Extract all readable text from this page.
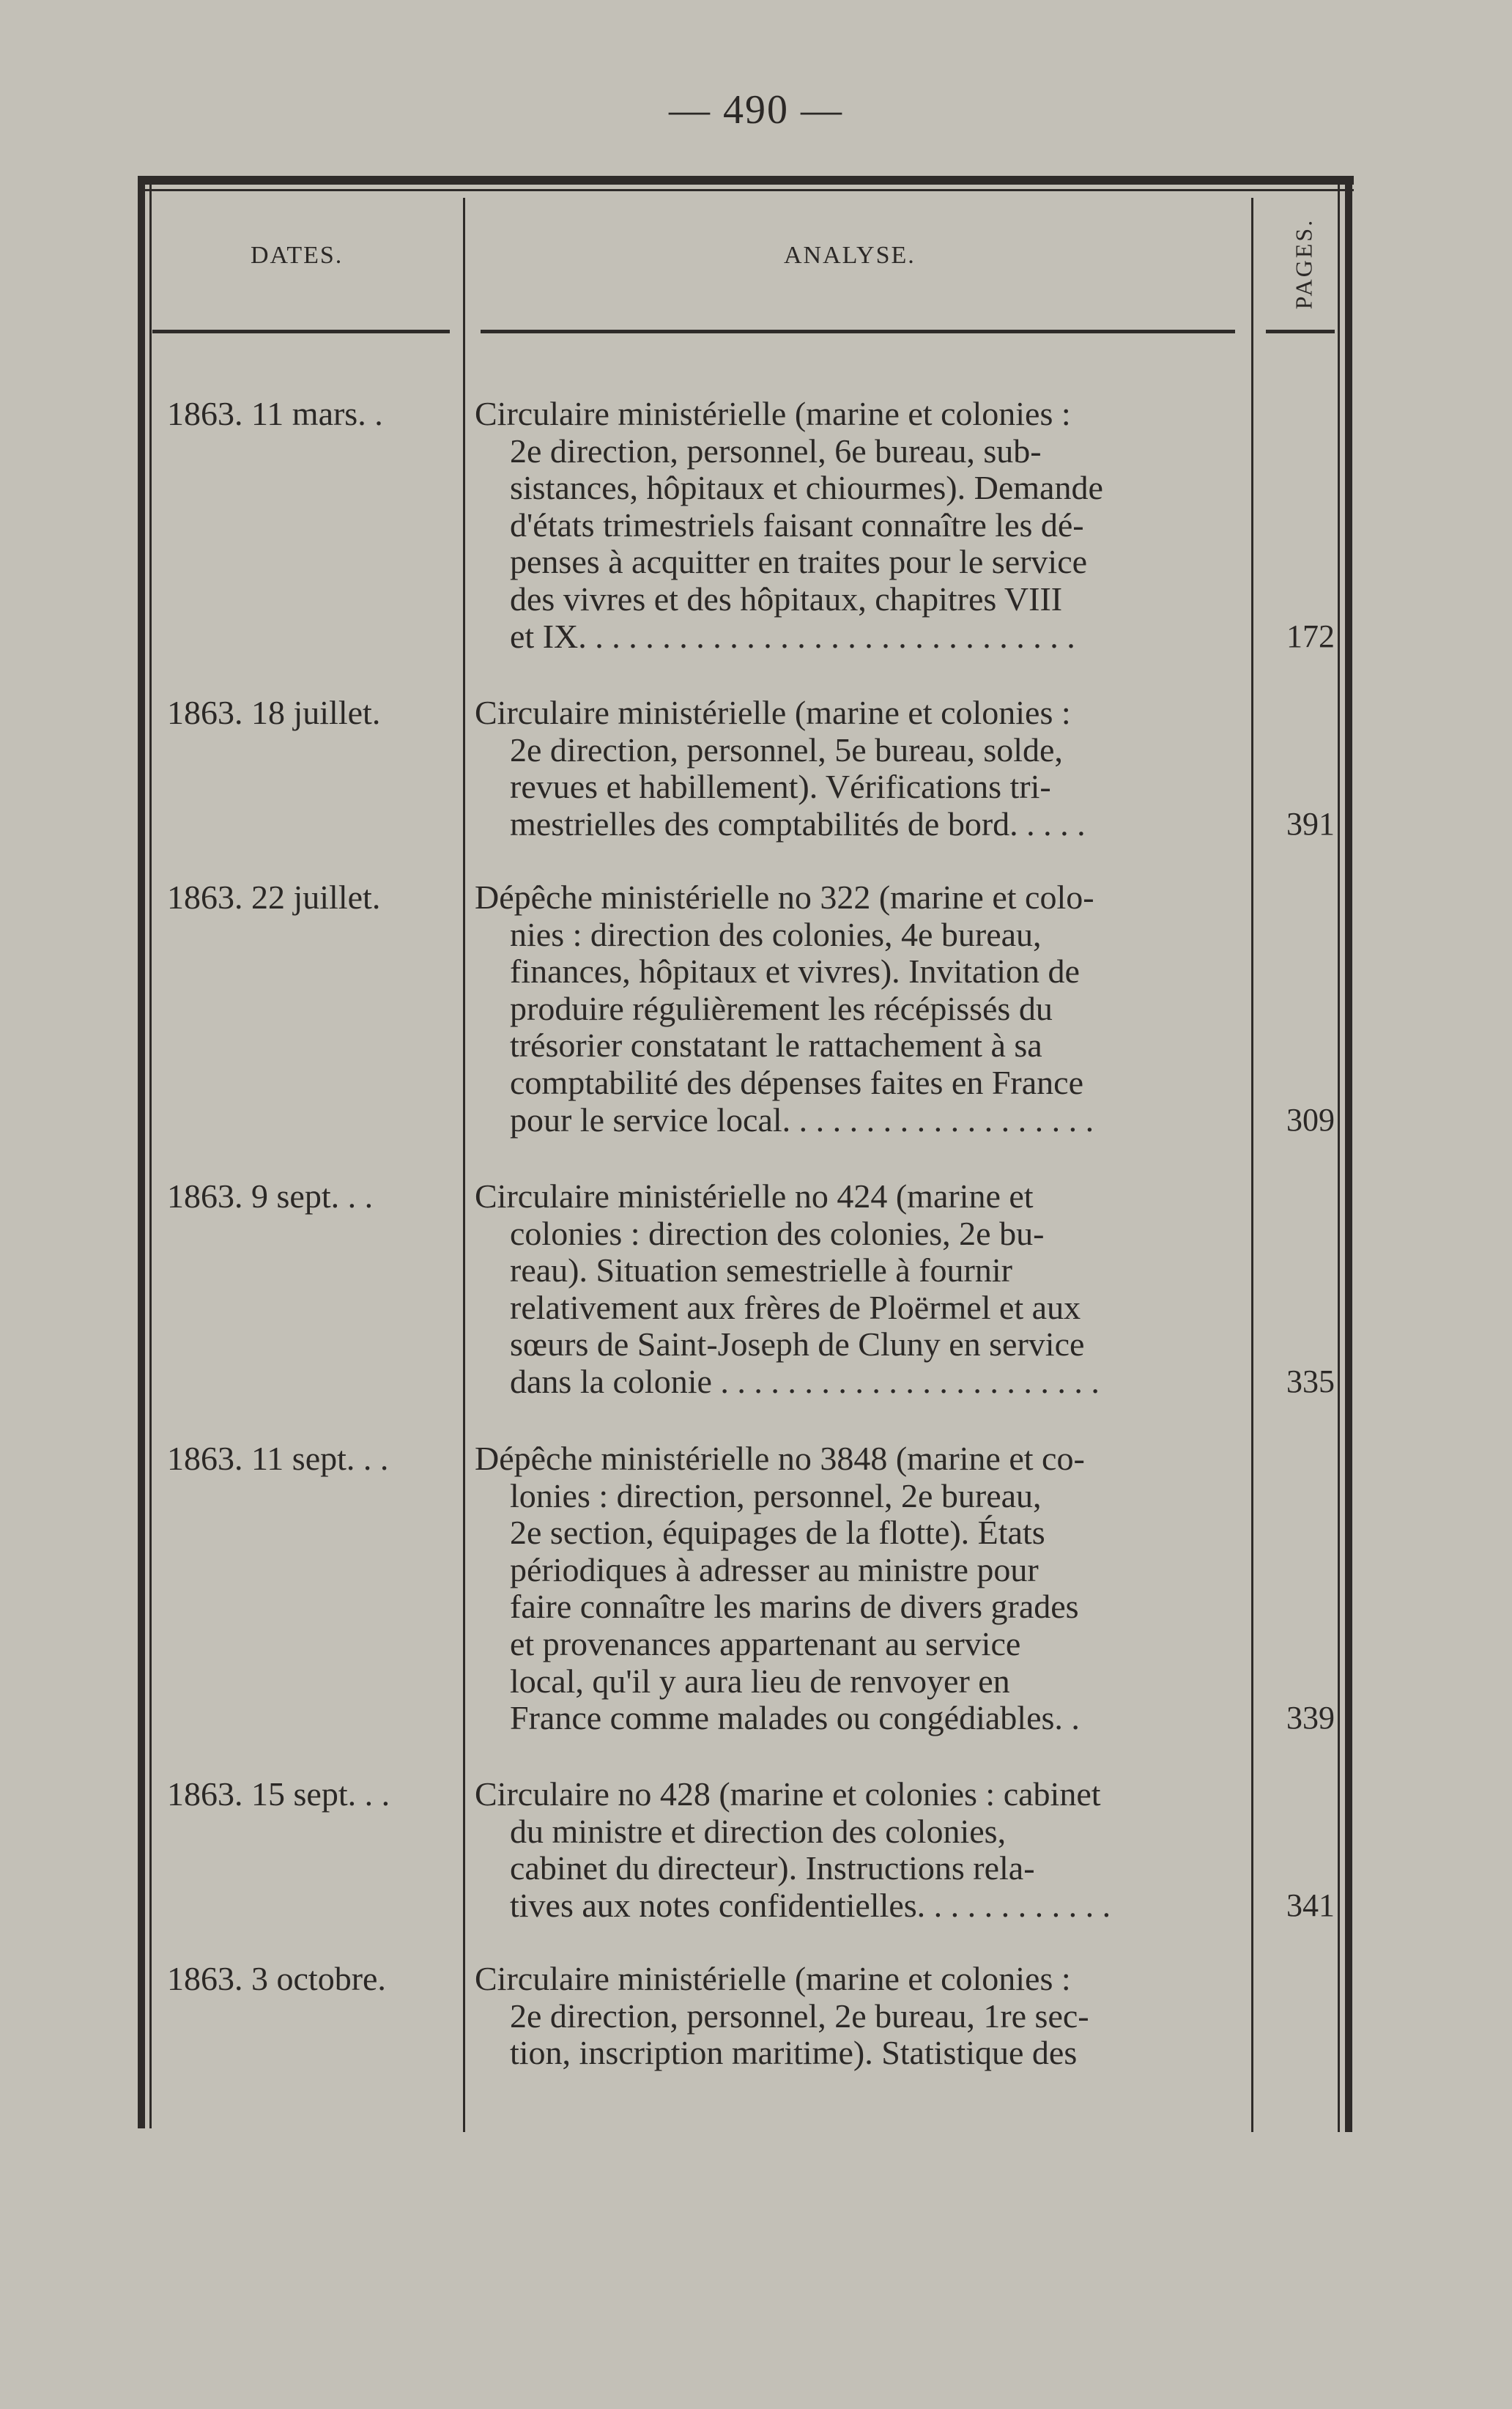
— 490 —
DATES.	ANALYSE.	PAGES.
1863. 11 mars. .	Circulaire ministérielle (marine et colonies :
2e direction, personnel, 6e bureau, sub-
sistances, hôpitaux et chiourmes). Demande
d'états trimestriels faisant connaître les dé-
penses à acquitter en traites pour le service
des vivres et des hôpitaux, chapitres VIII
et IX. . . . . . . . . . . . . . . . . . . . . . . . . . . . . .	172
1863. 18 juillet.	Circulaire ministérielle (marine et colonies :
2e direction, personnel, 5e bureau, solde,
revues et habillement). Vérifications tri-
mestrielles des comptabilités de bord. . . . .	391
1863. 22 juillet.	Dépêche ministérielle no 322 (marine et colo-
nies : direction des colonies, 4e bureau,
finances, hôpitaux et vivres). Invitation de
produire régulièrement les récépissés du
trésorier constatant le rattachement à sa
comptabilité des dépenses faites en France
pour le service local. . . . . . . . . . . . . . . . . . .	309
1863. 9 sept. . .	Circulaire ministérielle no 424 (marine et
colonies : direction des colonies, 2e bu-
reau). Situation semestrielle à fournir
relativement aux frères de Ploërmel et aux
sœurs de Saint-Joseph de Cluny en service
dans la colonie . . . . . . . . . . . . . . . . . . . . . . .	335
1863. 11 sept. . .	Dépêche ministérielle no 3848 (marine et co-
lonies : direction, personnel, 2e bureau,
2e section, équipages de la flotte). États
périodiques à adresser au ministre pour
faire connaître les marins de divers grades
et provenances appartenant au service
local, qu'il y aura lieu de renvoyer en
France comme malades ou congédiables. .	339
1863. 15 sept. . .	Circulaire no 428 (marine et colonies : cabinet
du ministre et direction des colonies,
cabinet du directeur). Instructions rela-
tives aux notes confidentielles. . . . . . . . . . . .	341
1863. 3 octobre.	Circulaire ministérielle (marine et colonies :
2e direction, personnel, 2e bureau, 1re sec-
tion, inscription maritime). Statistique des
